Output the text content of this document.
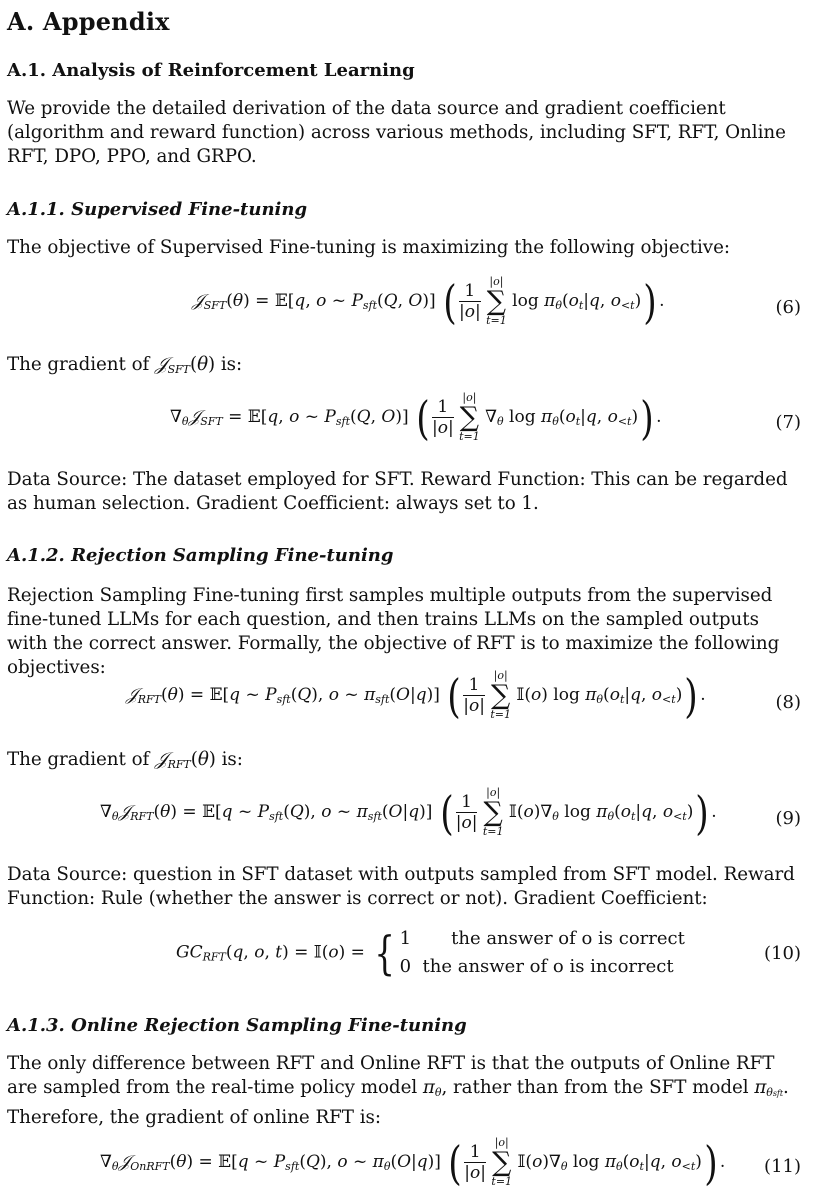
A. Appendix
A.1. Analysis of Reinforcement Learning
We provide the detailed derivation of the data source and gradient coefficient (algorithm and reward function) across various methods, including SFT, RFT, Online RFT, DPO, PPO, and GRPO.
A.1.1. Supervised Fine-tuning
The objective of Supervised Fine-tuning is maximizing the following objective:
𝒥$_{SFT}$(θ) = 𝔼[q, o ~ $P_{sft}(Q$, O)] ( $\frac{1}{|o|}$
|o|
∑
t=1
$\log \pi_\theta(o_t|q$, $o_{<t}$)) .	(6)
The gradient of 𝒥$_{SFT}$(θ) is:
$\nabla_\theta 𝒥_{SFT}$ = 𝔼[q, o ~ $P_{sft}(Q$, O)] ( $\frac{1}{|o|}$
|o|
∑
t=1
$\nabla_\theta$ $\log \pi_\theta(o_t|q$, $o_{<t}$)) .	(7)
Data Source: The dataset employed for SFT. Reward Function: This can be regarded as human selection. Gradient Coefficient: always set to 1.
A.1.2. Rejection Sampling Fine-tuning
Rejection Sampling Fine-tuning first samples multiple outputs from the supervised fine-tuned LLMs for each question, and then trains LLMs on the sampled outputs with the correct answer. Formally, the objective of RFT is to maximize the following objectives:
𝒥$_{RFT}$(θ) = 𝔼[q ~ $P_{sft}(Q)$, o ~ $\pi_{sft}(O|q)$] ( $\frac{1}{|o|}$
|o|
∑
t=1
𝕀(o) $\log \pi_\theta(o_t|q$, $o_{<t}$)) .	(8)
The gradient of 𝒥$_{RFT}$(θ) is:
$\nabla_\theta 𝒥_{RFT}(\theta)$ = 𝔼[q ~ $P_{sft}(Q)$, o ~ $\pi_{sft}(O|q)$] ( $\frac{1}{|o|}$
|o|
∑
t=1
$𝕀(o)\nabla_\theta$ $\log \pi_\theta(o_t|q$, $o_{<t}$)) .	(9)
Data Source: question in SFT dataset with outputs sampled from SFT model. Reward Function: Rule (whether the answer is correct or not). Gradient Coefficient:
$GC_{RFT}(q$, o, t) = 𝕀(o) = { 1       the answer of o is correct
0  the answer of o is incorrect
(10)
A.1.3. Online Rejection Sampling Fine-tuning
The only difference between RFT and Online RFT is that the outputs of Online RFT are sampled from the real-time policy model $\pi_\theta$, rather than from the SFT model $\pi_{\theta sft}$. Therefore, the gradient of online RFT is:
$\nabla_\theta 𝒥_{OnRFT}(\theta)$ = 𝔼[q ~ $P_{sft}(Q)$, o ~ $\pi_\theta(O|q)$] ( $\frac{1}{|o|}$
|o|
∑
t=1
$𝕀(o)\nabla_\theta$ $\log \pi_\theta(o_t|q$, $o_{<t}$)) . (11)
